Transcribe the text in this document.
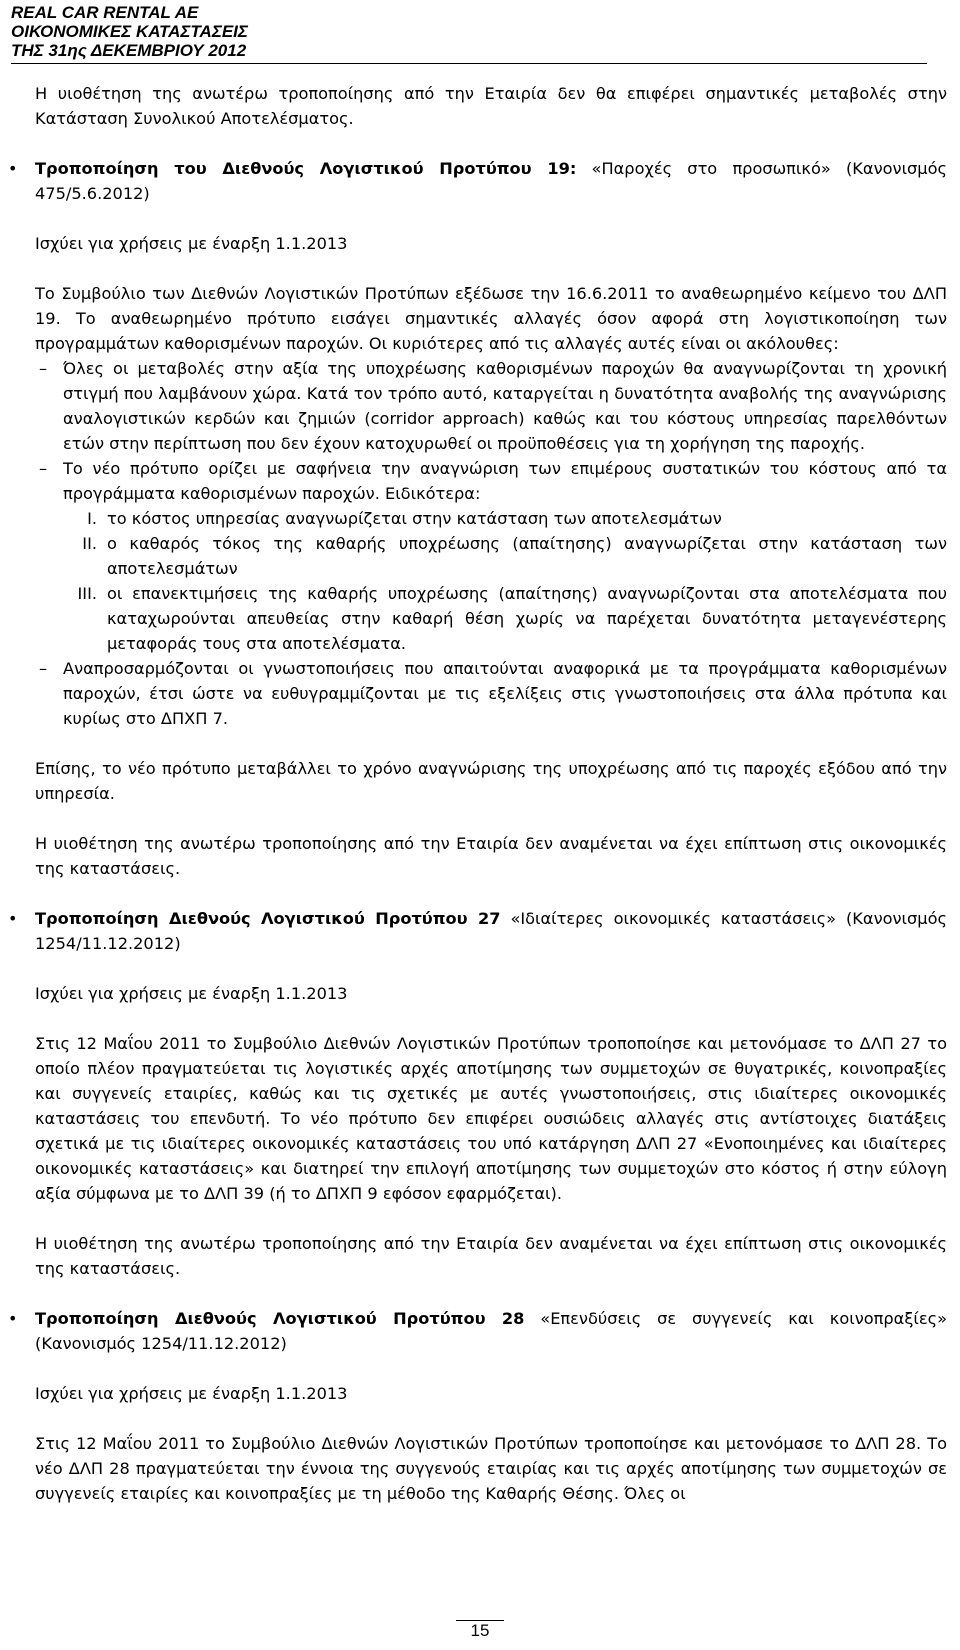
REAL CAR RENTAL AE
ΟΙΚΟΝΟΜΙΚΕΣ ΚΑΤΑΣΤΑΣΕΙΣ
ΤΗΣ 31ης ΔΕΚΕΜΒΡΙΟΥ 2012

Η υιοθέτηση της ανωτέρω τροποποίησης από την Εταιρία δεν θα επιφέρει σημαντικές μεταβολές στην Κατάσταση Συνολικού Αποτελέσματος.

• Τροποποίηση του Διεθνούς Λογιστικού Προτύπου 19: «Παροχές στο προσωπικό» (Κανονισμός 475/5.6.2012)

Ισχύει για χρήσεις με έναρξη 1.1.2013

Το Συμβούλιο των Διεθνών Λογιστικών Προτύπων εξέδωσε την 16.6.2011 το αναθεωρημένο κείμενο του ΔΛΠ 19. Το αναθεωρημένο πρότυπο εισάγει σημαντικές αλλαγές όσον αφορά στη λογιστικοποίηση των προγραμμάτων καθορισμένων παροχών. Οι κυριότερες από τις αλλαγές αυτές είναι οι ακόλουθες:

– Όλες οι μεταβολές στην αξία της υποχρέωσης καθορισμένων παροχών θα αναγνωρίζονται τη χρονική στιγμή που λαμβάνουν χώρα. Κατά τον τρόπο αυτό, καταργείται η δυνατότητα αναβολής της αναγνώρισης αναλογιστικών κερδών και ζημιών (corridor approach) καθώς και του κόστους υπηρεσίας παρελθόντων ετών στην περίπτωση που δεν έχουν κατοχυρωθεί οι προϋποθέσεις για τη χορήγηση της παροχής.
– Το νέο πρότυπο ορίζει με σαφήνεια την αναγνώριση των επιμέρους συστατικών του κόστους από τα προγράμματα καθορισμένων παροχών. Ειδικότερα:
I. το κόστος υπηρεσίας αναγνωρίζεται στην κατάσταση των αποτελεσμάτων
II. ο καθαρός τόκος της καθαρής υποχρέωσης (απαίτησης) αναγνωρίζεται στην κατάσταση των αποτελεσμάτων
III. οι επανεκτιμήσεις της καθαρής υποχρέωσης (απαίτησης) αναγνωρίζονται στα αποτελέσματα που καταχωρούνται απευθείας στην καθαρή θέση χωρίς να παρέχεται δυνατότητα μεταγενέστερης μεταφοράς τους στα αποτελέσματα.
– Αναπροσαρμόζονται οι γνωστοποιήσεις που απαιτούνται αναφορικά με τα προγράμματα καθορισμένων παροχών, έτσι ώστε να ευθυγραμμίζονται με τις εξελίξεις στις γνωστοποιήσεις στα άλλα πρότυπα και κυρίως στο ΔΠΧΠ 7.

Επίσης, το νέο πρότυπο μεταβάλλει το χρόνο αναγνώρισης της υποχρέωσης από τις παροχές εξόδου από την υπηρεσία.

Η υιοθέτηση της ανωτέρω τροποποίησης από την Εταιρία δεν αναμένεται να έχει επίπτωση στις οικονομικές της καταστάσεις.

• Τροποποίηση Διεθνούς Λογιστικού Προτύπου 27 «Ιδιαίτερες οικονομικές καταστάσεις» (Κανονισμός 1254/11.12.2012)

Ισχύει για χρήσεις με έναρξη 1.1.2013

Στις 12 Μαΐου 2011 το Συμβούλιο Διεθνών Λογιστικών Προτύπων τροποποίησε και μετονόμασε το ΔΛΠ 27 το οποίο πλέον πραγματεύεται τις λογιστικές αρχές αποτίμησης των συμμετοχών σε θυγατρικές, κοινοπραξίες και συγγενείς εταιρίες, καθώς και τις σχετικές με αυτές γνωστοποιήσεις, στις ιδιαίτερες οικονομικές καταστάσεις του επενδυτή. Το νέο πρότυπο δεν επιφέρει ουσιώδεις αλλαγές στις αντίστοιχες διατάξεις σχετικά με τις ιδιαίτερες οικονομικές καταστάσεις του υπό κατάργηση ΔΛΠ 27 «Ενοποιημένες και ιδιαίτερες οικονομικές καταστάσεις» και διατηρεί την επιλογή αποτίμησης των συμμετοχών στο κόστος ή στην εύλογη αξία σύμφωνα με το ΔΛΠ 39 (ή το ΔΠΧΠ 9 εφόσον εφαρμόζεται).

Η υιοθέτηση της ανωτέρω τροποποίησης από την Εταιρία δεν αναμένεται να έχει επίπτωση στις οικονομικές της καταστάσεις.

• Τροποποίηση Διεθνούς Λογιστικού Προτύπου 28 «Επενδύσεις σε συγγενείς και κοινοπραξίες» (Κανονισμός 1254/11.12.2012)

Ισχύει για χρήσεις με έναρξη 1.1.2013

Στις 12 Μαΐου 2011 το Συμβούλιο Διεθνών Λογιστικών Προτύπων τροποποίησε και μετονόμασε το ΔΛΠ 28. Το νέο ΔΛΠ 28 πραγματεύεται την έννοια της συγγενούς εταιρίας και τις αρχές αποτίμησης των συμμετοχών σε συγγενείς εταιρίες και κοινοπραξίες με τη μέθοδο της Καθαρής Θέσης. Όλες οι

15
